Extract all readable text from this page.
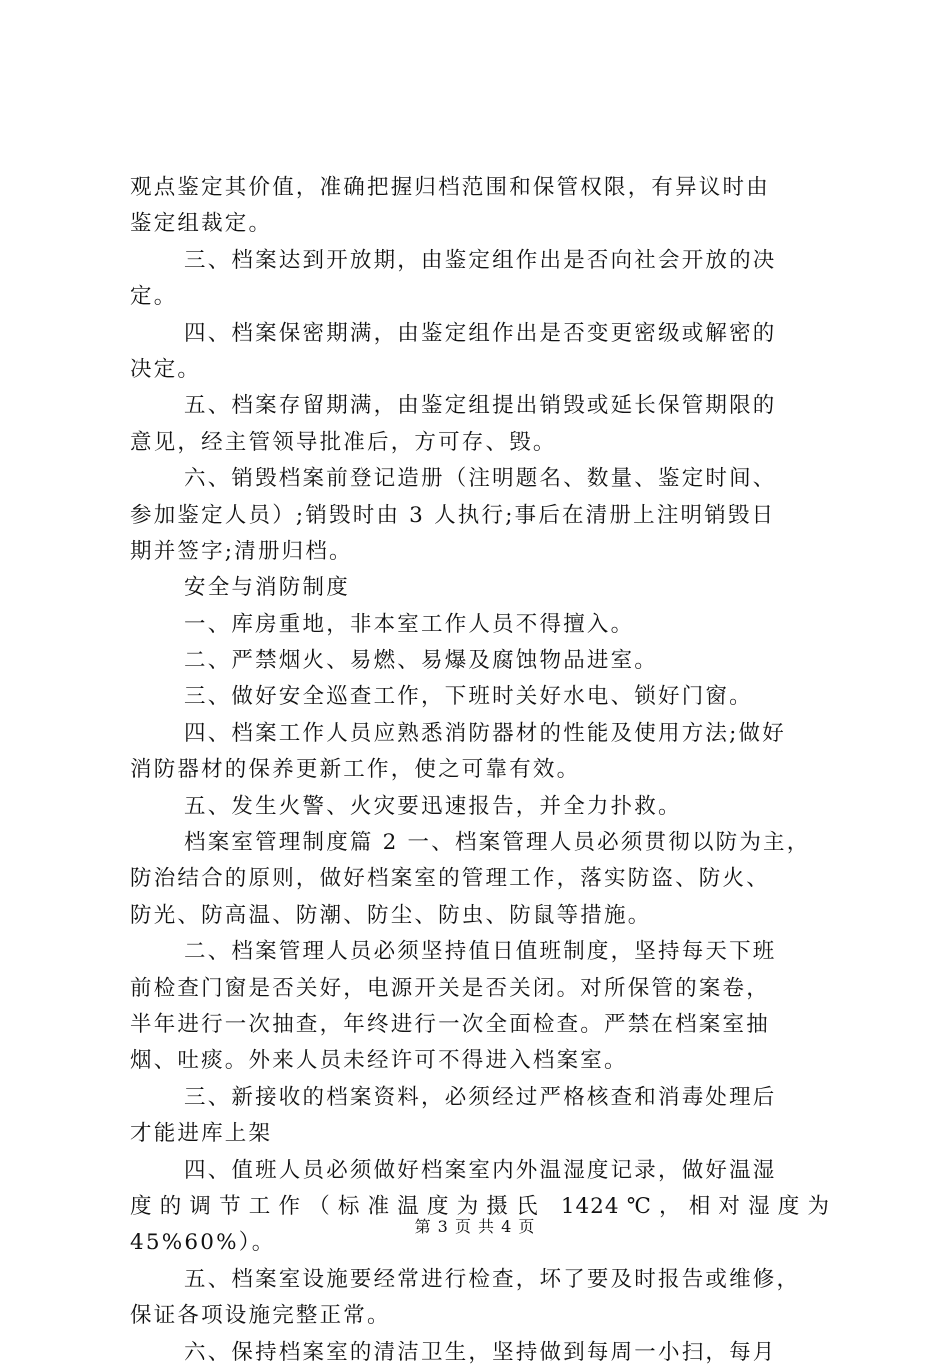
观点鉴定其价值，准确把握归档范围和保管权限，有异议时由
鉴定组裁定。
三、档案达到开放期，由鉴定组作出是否向社会开放的决
定。
四、档案保密期满，由鉴定组作出是否变更密级或解密的
决定。
五、档案存留期满，由鉴定组提出销毁或延长保管期限的
意见，经主管领导批准后，方可存、毁。
六、销毁档案前登记造册（注明题名、数量、鉴定时间、
参加鉴定人员）;销毁时由 3 人执行;事后在清册上注明销毁日
期并签字;清册归档。
安全与消防制度
一、库房重地，非本室工作人员不得擅入。
二、严禁烟火、易燃、易爆及腐蚀物品进室。
三、做好安全巡查工作，下班时关好水电、锁好门窗。
四、档案工作人员应熟悉消防器材的性能及使用方法;做好
消防器材的保养更新工作，使之可靠有效。
五、发生火警、火灾要迅速报告，并全力扑救。
档案室管理制度篇 2 一、档案管理人员必须贯彻以防为主，
防治结合的原则，做好档案室的管理工作，落实防盗、防火、
防光、防高温、防潮、防尘、防虫、防鼠等措施。
二、档案管理人员必须坚持值日值班制度，坚持每天下班
前检查门窗是否关好，电源开关是否关闭。对所保管的案卷，
半年进行一次抽查，年终进行一次全面检查。严禁在档案室抽
烟、吐痰。外来人员未经许可不得进入档案室。
三、新接收的档案资料，必须经过严格核查和消毒处理后
才能进库上架
四、值班人员必须做好档案室内外温湿度记录，做好温湿
度的调节工作（标准温度为摄氏 1424℃，相对湿度为
45%60%）。
五、档案室设施要经常进行检查，坏了要及时报告或维修，
保证各项设施完整正常。
六、保持档案室的清洁卫生，坚持做到每周一小扫，每月
第 3 页 共 4 页
